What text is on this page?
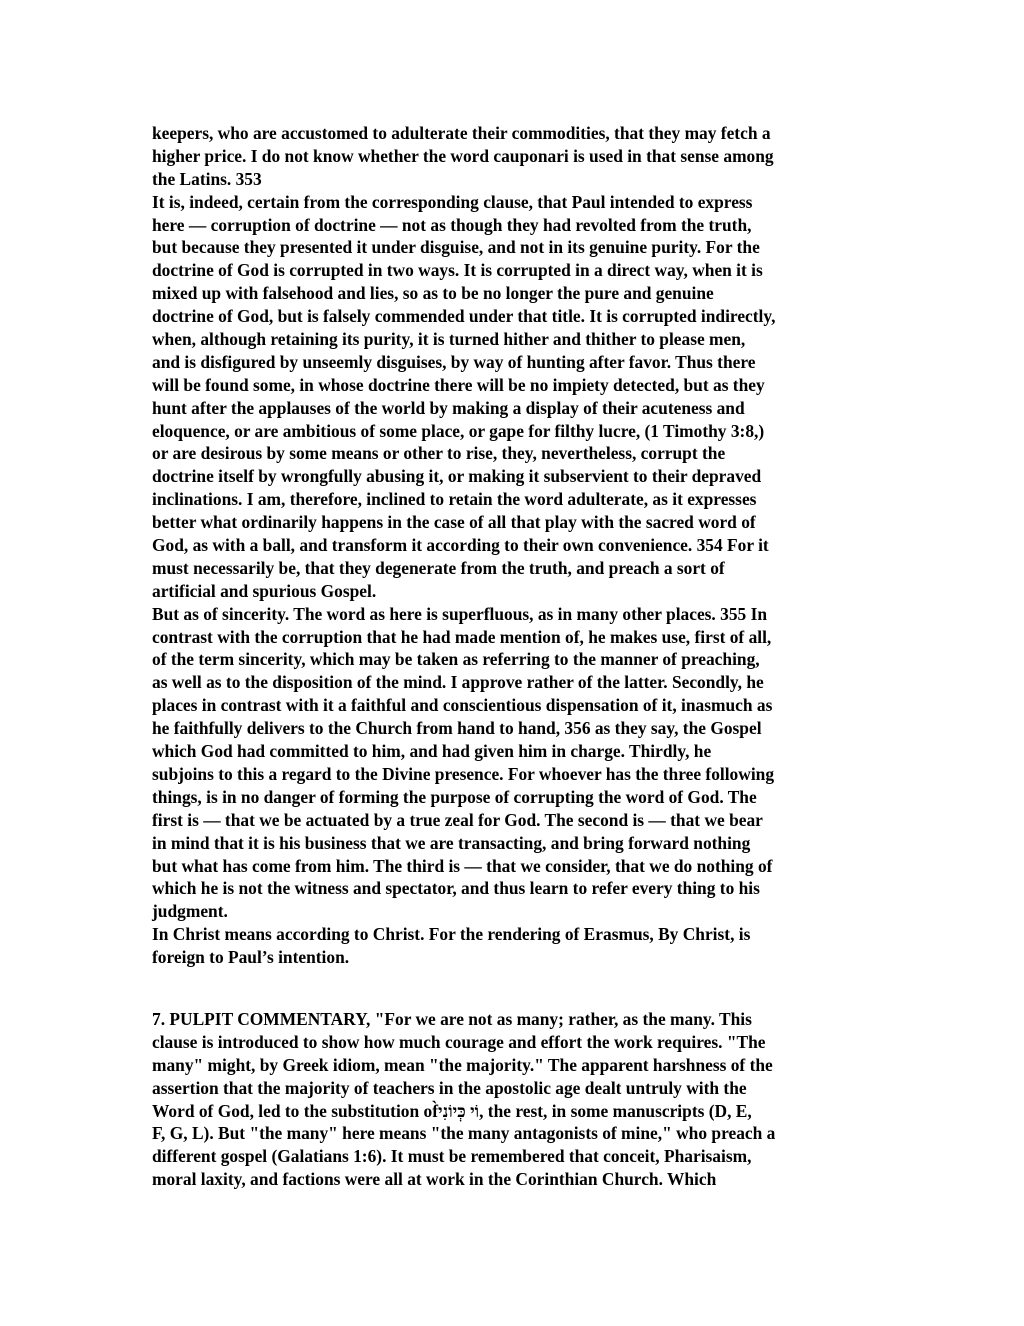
keepers, who are accustomed to adulterate their commodities, that they may fetch a
higher price. I do not know whether the word cauponari is used in that sense among
the Latins. 353
It is, indeed, certain from the corresponding clause, that Paul intended to express
here — corruption of doctrine — not as though they had revolted from the truth,
but because they presented it under disguise, and not in its genuine purity. For the
doctrine of God is corrupted in two ways. It is corrupted in a direct way, when it is
mixed up with falsehood and lies, so as to be no longer the pure and genuine
doctrine of God, but is falsely commended under that title. It is corrupted indirectly,
when, although retaining its purity, it is turned hither and thither to please men,
and is disfigured by unseemly disguises, by way of hunting after favor. Thus there
will be found some, in whose doctrine there will be no impiety detected, but as they
hunt after the applauses of the world by making a display of their acuteness and
eloquence, or are ambitious of some place, or gape for filthy lucre, (1 Timothy 3:8,)
or are desirous by some means or other to rise, they, nevertheless, corrupt the
doctrine itself by wrongfully abusing it, or making it subservient to their depraved
inclinations. I am, therefore, inclined to retain the word adulterate, as it expresses
better what ordinarily happens in the case of all that play with the sacred word of
God, as with a ball, and transform it according to their own convenience. 354 For it
must necessarily be, that they degenerate from the truth, and preach a sort of
artificial and spurious Gospel.
But as of sincerity. The word as here is superfluous, as in many other places. 355 In
contrast with the corruption that he had made mention of, he makes use, first of all,
of the term sincerity, which may be taken as referring to the manner of preaching,
as well as to the disposition of the mind. I approve rather of the latter. Secondly, he
places in contrast with it a faithful and conscientious dispensation of it, inasmuch as
he faithfully delivers to the Church from hand to hand, 356 as they say, the Gospel
which God had committed to him, and had given him in charge. Thirdly, he
subjoins to this a regard to the Divine presence. For whoever has the three following
things, is in no danger of forming the purpose of corrupting the word of God. The
first is — that we be actuated by a true zeal for God. The second is — that we bear
in mind that it is his business that we are transacting, and bring forward nothing
but what has come from him. The third is — that we consider, that we do nothing of
which he is not the witness and spectator, and thus learn to refer every thing to his
judgment.
In Christ means according to Christ. For the rendering of Erasmus, By Christ, is
foreign to Paul’s intention.
7. PULPIT COMMENTARY, "For we are not as many; rather, as the many. This
clause is introduced to show how much courage and effort the work requires. "The
many" might, by Greek idiom, mean "the majority." The apparent harshness of the
assertion that the majority of teachers in the apostolic age dealt untruly with the
Word of God, led to the substitution of̀וֹי כְּיוֹנִי, the rest, in some manuscripts (D, E,
F, G, L). But "the many" here means "the many antagonists of mine," who preach a
different gospel (Galatians 1:6). It must be remembered that conceit, Pharisaism,
moral laxity, and factions were all at work in the Corinthian Church. Which
